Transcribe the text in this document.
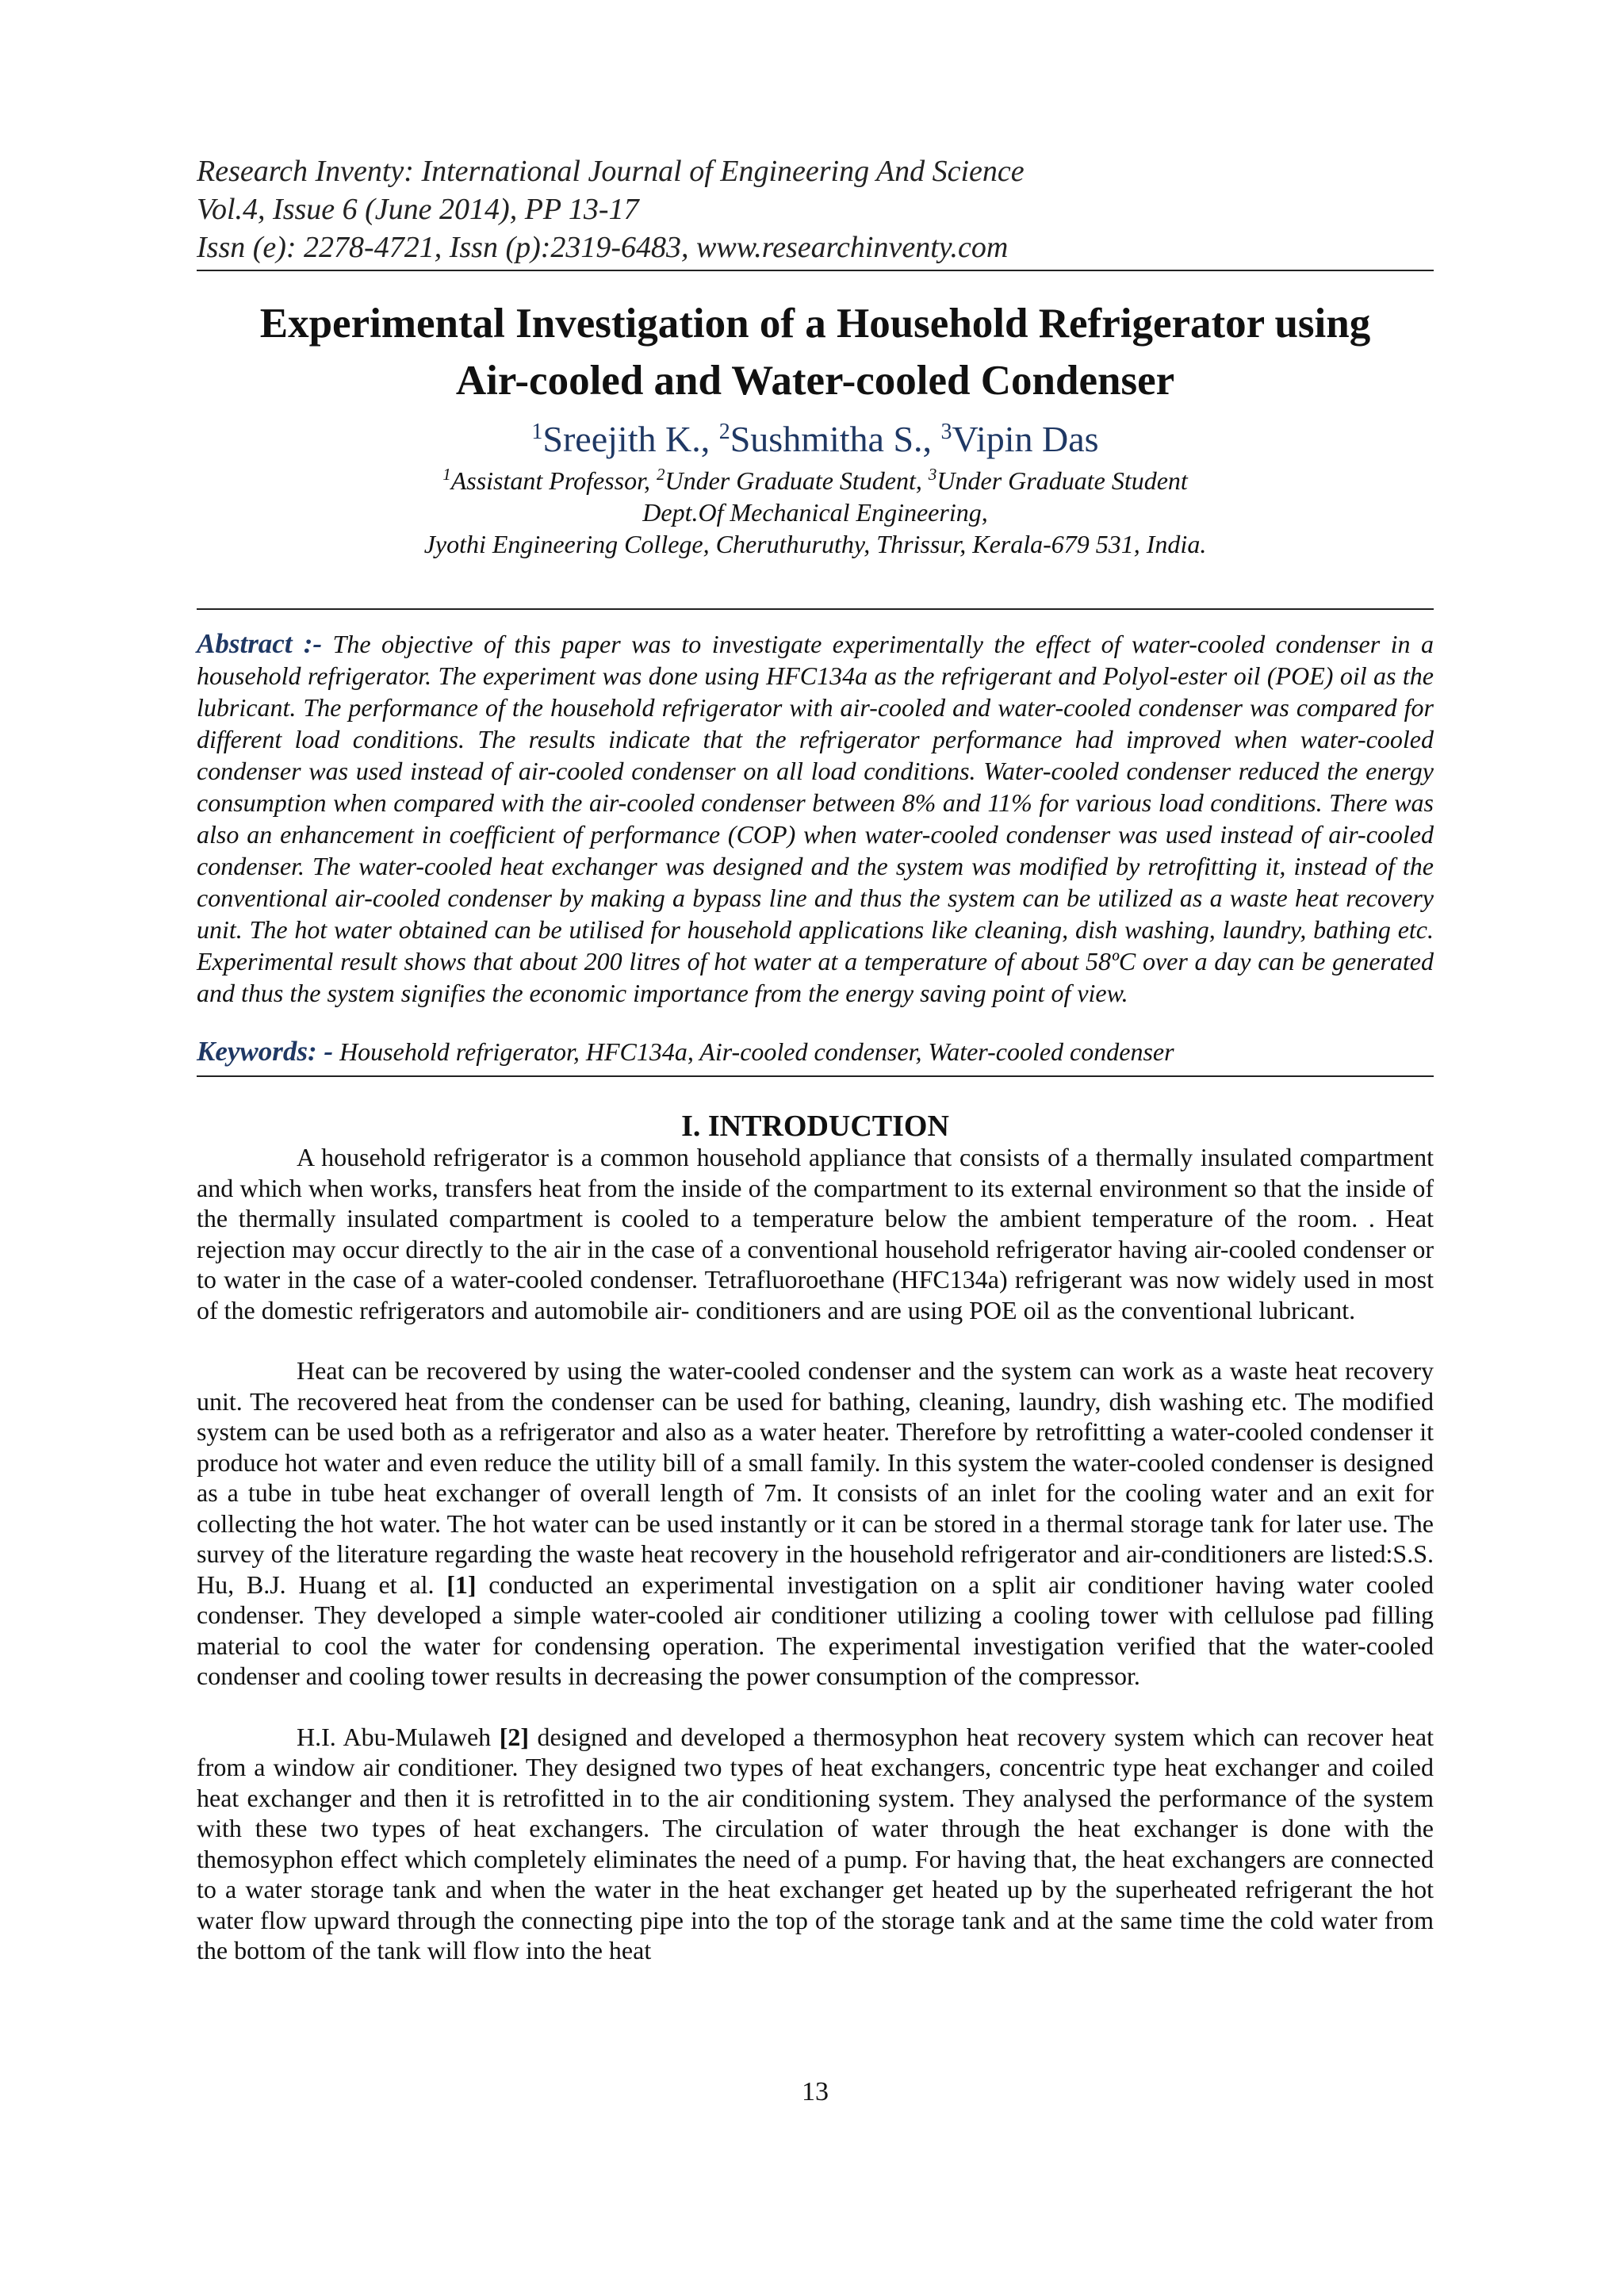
Research Inventy: International Journal of Engineering And Science
Vol.4, Issue 6 (June 2014), PP 13-17
Issn (e): 2278-4721, Issn (p):2319-6483, www.researchinventy.com
Experimental Investigation of a Household Refrigerator using
Air-cooled and Water-cooled Condenser
$^1$Sreejith K., $^2$Sushmitha S., $^3$Vipin Das
$^1$Assistant Professor, $^2$Under Graduate Student, $^3$Under Graduate Student
Dept.Of Mechanical Engineering,
Jyothi Engineering College, Cheruthuruthy, Thrissur, Kerala-679 531, India.
Abstract :- The objective of this paper was to investigate experimentally the effect of water-cooled condenser in a household refrigerator. The experiment was done using HFC134a as the refrigerant and Polyol-ester oil (POE) oil as the lubricant. The performance of the household refrigerator with air-cooled and water-cooled condenser was compared for different load conditions. The results indicate that the refrigerator performance had improved when water-cooled condenser was used instead of air-cooled condenser on all load conditions. Water-cooled condenser reduced the energy consumption when compared with the air-cooled condenser between 8% and 11% for various load conditions. There was also an enhancement in coefficient of performance (COP) when water-cooled condenser was used instead of air-cooled condenser. The water-cooled heat exchanger was designed and the system was modified by retrofitting it, instead of the conventional air-cooled condenser by making a bypass line and thus the system can be utilized as a waste heat recovery unit. The hot water obtained can be utilised for household applications like cleaning, dish washing, laundry, bathing etc. Experimental result shows that about 200 litres of hot water at a temperature of about 58ºC over a day can be generated and thus the system signifies the economic importance from the energy saving point of view.
Keywords: - Household refrigerator, HFC134a, Air-cooled condenser, Water-cooled condenser
I. INTRODUCTION

A household refrigerator is a common household appliance that consists of a thermally insulated compartment and which when works, transfers heat from the inside of the compartment to its external environment so that the inside of the thermally insulated compartment is cooled to a temperature below the ambient temperature of the room. . Heat rejection may occur directly to the air in the case of a conventional household refrigerator having air-cooled condenser or to water in the case of a water-cooled condenser. Tetrafluoroethane (HFC134a) refrigerant was now widely used in most of the domestic refrigerators and automobile air- conditioners and are using POE oil as the conventional lubricant.

Heat can be recovered by using the water-cooled condenser and the system can work as a waste heat recovery unit. The recovered heat from the condenser can be used for bathing, cleaning, laundry, dish washing etc. The modified system can be used both as a refrigerator and also as a water heater. Therefore by retrofitting a water-cooled condenser it produce hot water and even reduce the utility bill of a small family. In this system the water-cooled condenser is designed as a tube in tube heat exchanger of overall length of 7m. It consists of an inlet for the cooling water and an exit for collecting the hot water. The hot water can be used instantly or it can be stored in a thermal storage tank for later use. The survey of the literature regarding the waste heat recovery in the household refrigerator and air-conditioners are listed:S.S. Hu, B.J. Huang et al. [1] conducted an experimental investigation on a split air conditioner having water cooled condenser. They developed a simple water-cooled air conditioner utilizing a cooling tower with cellulose pad filling material to cool the water for condensing operation. The experimental investigation verified that the water-cooled condenser and cooling tower results in decreasing the power consumption of the compressor.

H.I. Abu-Mulaweh [2] designed and developed a thermosyphon heat recovery system which can recover heat from a window air conditioner. They designed two types of heat exchangers, concentric type heat exchanger and coiled heat exchanger and then it is retrofitted in to the air conditioning system. They analysed the performance of the system with these two types of heat exchangers. The circulation of water through the heat exchanger is done with the themosyphon effect which completely eliminates the need of a pump. For having that, the heat exchangers are connected to a water storage tank and when the water in the heat exchanger get heated up by the superheated refrigerant the hot water flow upward through the connecting pipe into the top of the storage tank and at the same time the cold water from the bottom of the tank will flow into the heat

13
